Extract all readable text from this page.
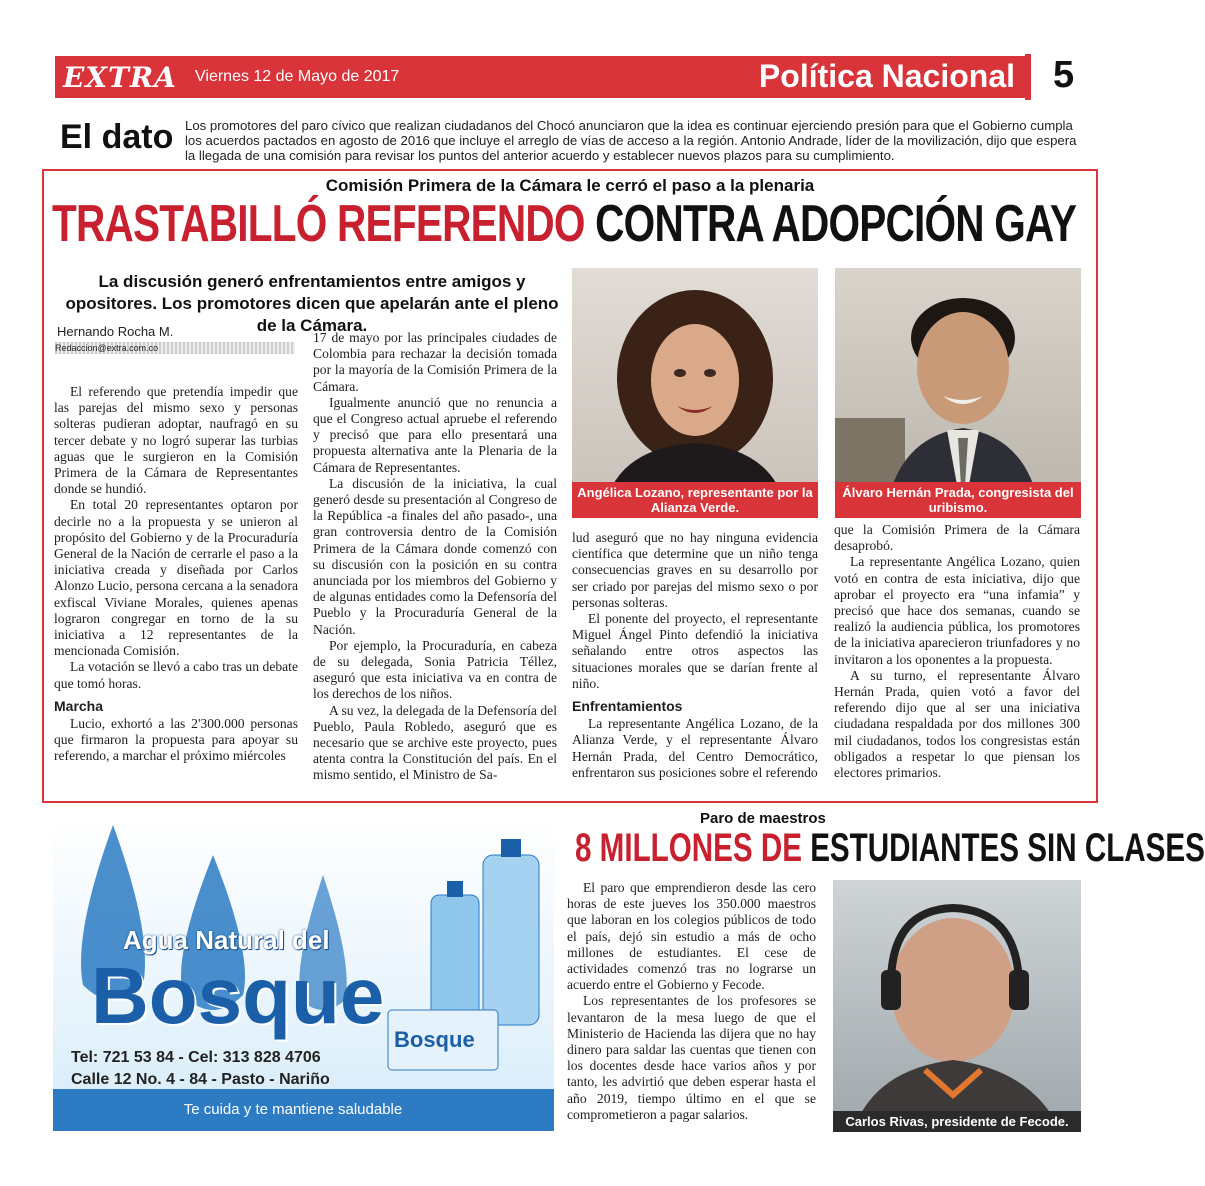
EXTRA Viernes 12 de Mayo de 2017	Política Nacional 5
El dato Los promotores del paro cívico que realizan ciudadanos del Chocó anunciaron que la idea es continuar ejerciendo presión para que el Gobierno cumpla los acuerdos pactados en agosto de 2016 que incluye el arreglo de vías de acceso a la región. Antonio Andrade, líder de la movilización, dijo que espera la llegada de una comisión para revisar los puntos del anterior acuerdo y establecer nuevos plazos para su cumplimiento.
Comisión Primera de la Cámara le cerró el paso a la plenaria
TRASTABILLÓ REFERENDO CONTRA ADOPCIÓN GAY
La discusión generó enfrentamientos entre amigos y opositores. Los promotores dicen que apelarán ante el pleno de la Cámara.
Hernando Rocha M.
Redaccion@extra.com.co

El referendo que pretendía impedir que las parejas del mismo sexo y personas solteras pudieran adoptar, naufragó en su tercer debate y no logró superar las turbias aguas que le surgieron en la Comisión Primera de la Cámara de Representantes donde se hundió.

En total 20 representantes optaron por decirle no a la propuesta y se unieron al propósito del Gobierno y de la Procuraduría General de la Nación de cerrarle el paso a la iniciativa creada y diseñada por Carlos Alonzo Lucio, persona cercana a la senadora exfiscal Viviane Morales, quienes apenas lograron congregar en torno de la su iniciativa a 12 representantes de la mencionada Comisión.

La votación se llevó a cabo tras un debate que tomó horas.

Marcha

Lucio, exhortó a las 2'300.000 personas que firmaron la propuesta para apoyar su referendo, a marchar el próximo miércoles

17 de mayo por las principales ciudades de Colombia para rechazar la decisión tomada por la mayoría de la Comisión Primera de la Cámara.

Igualmente anunció que no renuncia a que el Congreso actual apruebe el referendo y precisó que para ello presentará una propuesta alternativa ante la Plenaria de la Cámara de Representantes.

La discusión de la iniciativa, la cual generó desde su presentación al Congreso de la República -a finales del año pasado-, una gran controversia dentro de la Comisión Primera de la Cámara donde comenzó con su discusión con la posición en su contra anunciada por los miembros del Gobierno y de algunas entidades como la Defensoría del Pueblo y la Procuraduría General de la Nación.

Por ejemplo, la Procuraduría, en cabeza de su delegada, Sonia Patricia Téllez, aseguró que esta iniciativa va en contra de los derechos de los niños.

A su vez, la delegada de la Defensoría del Pueblo, Paula Robledo, aseguró que es necesario que se archive este proyecto, pues atenta contra la Constitución del país. En el mismo sentido, el Ministro de Sa-

lud aseguró que no hay ninguna evidencia científica que determine que un niño tenga consecuencias graves en su desarrollo por ser criado por parejas del mismo sexo o por personas solteras.

El ponente del proyecto, el representante Miguel Ángel Pinto defendió la iniciativa señalando entre otros aspectos las situaciones morales que se darían frente al niño.

Enfrentamientos

La representante Angélica Lozano, de la Alianza Verde, y el representante Álvaro Hernán Prada, del Centro Democrático, enfrentaron sus posiciones sobre el referendo

que la Comisión Primera de la Cámara desaprobó.

La representante Angélica Lozano, quien votó en contra de esta iniciativa, dijo que aprobar el proyecto era “una infamia” y precisó que hace dos semanas, cuando se realizó la audiencia pública, los promotores de la iniciativa aparecieron triunfadores y no invitaron a los oponentes a la propuesta.

A su turno, el representante Álvaro Hernán Prada, quien votó a favor del referendo dijo que al ser una iniciativa ciudadana respaldada por dos millones 300 mil ciudadanos, todos los congresistas están obligados a respetar lo que piensan los electores primarios.

Angélica Lozano, representante por la Alianza Verde.
Álvaro Hernán Prada, congresista del uribismo.
Bosque
Agua Natural del
Bosque
Tel: 721 53 84 - Cel: 313 828 4706
Calle 12 No. 4 - 84 - Pasto - Nariño
Te cuida y te mantiene saludable
Paro de maestros
8 MILLONES DE ESTUDIANTES SIN CLASES

El paro que emprendieron desde las cero horas de este jueves los 350.000 maestros que laboran en los colegios públicos de todo el país, dejó sin estudio a más de ocho millones de estudiantes. El cese de actividades comenzó tras no lograrse un acuerdo entre el Gobierno y Fecode.

Los representantes de los profesores se levantaron de la mesa luego de que el Ministerio de Hacienda las dijera que no hay dinero para saldar las cuentas que tienen con los docentes desde hace varios años y por tanto, les advirtió que deben esperar hasta el año 2019, tiempo último en el que se comprometieron a pagar salarios.	Carlos Rivas, presidente de Fecode.
